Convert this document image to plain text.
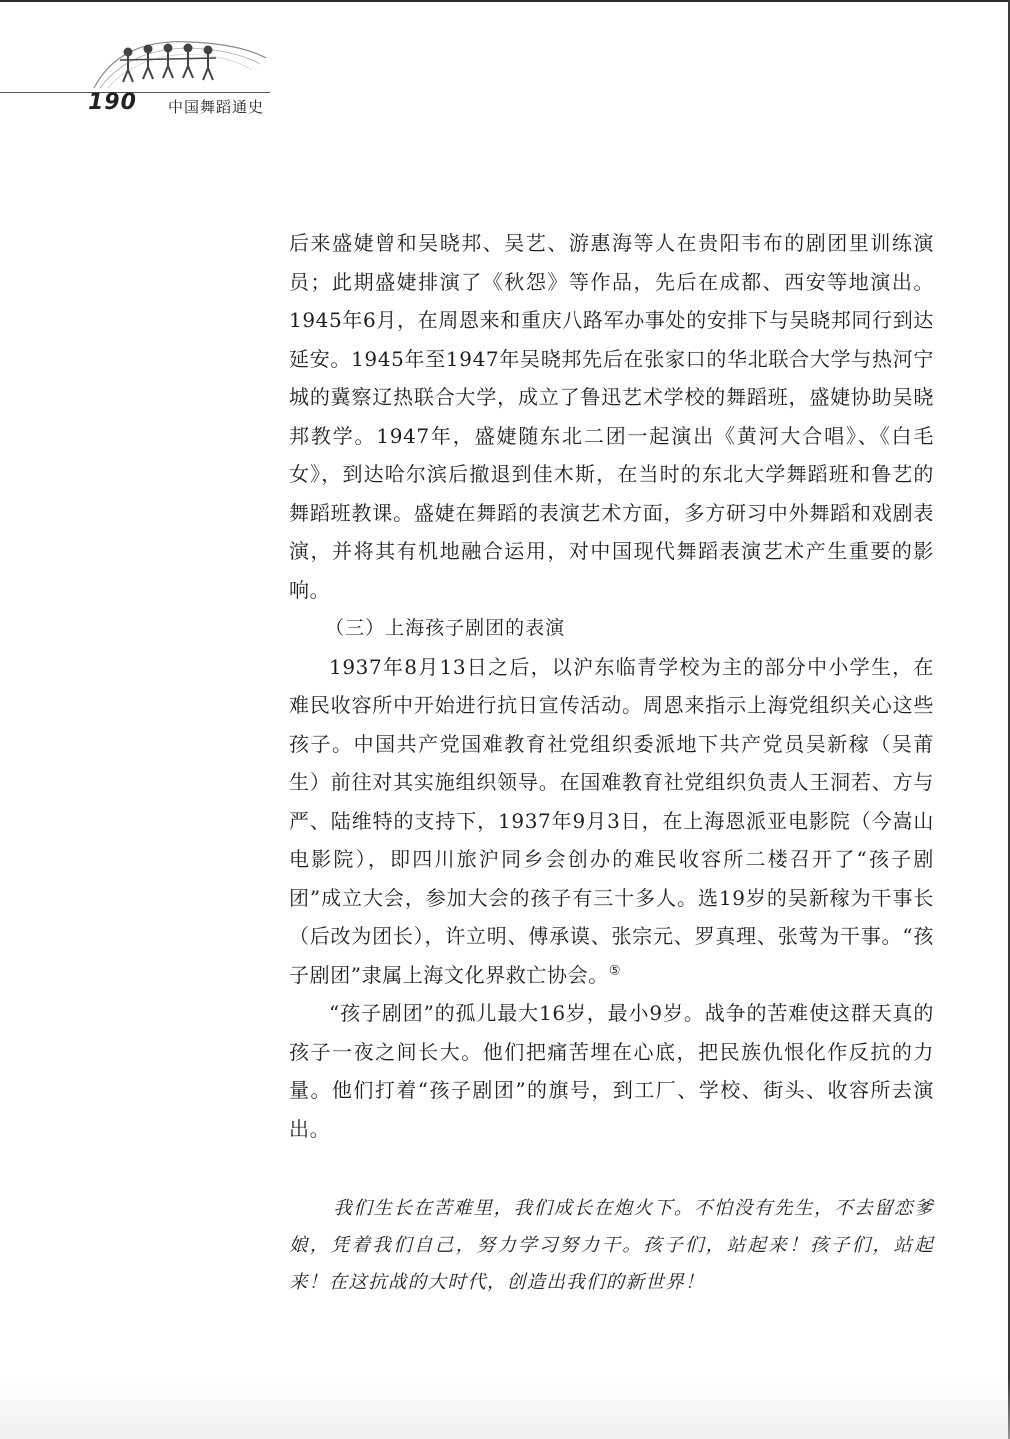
190 中国舞蹈通史

后来盛婕曾和吴晓邦、吴艺、游惠海等人在贵阳韦布的剧团里训练演员；此期盛婕排演了《秋怨》等作品，先后在成都、西安等地演出。1945年6月，在周恩来和重庆八路军办事处的安排下与吴晓邦同行到达延安。1945年至1947年吴晓邦先后在张家口的华北联合大学与热河宁城的冀察辽热联合大学，成立了鲁迅艺术学校的舞蹈班，盛婕协助吴晓邦教学。1947年，盛婕随东北二团一起演出《黄河大合唱》、《白毛女》，到达哈尔滨后撤退到佳木斯，在当时的东北大学舞蹈班和鲁艺的舞蹈班教课。盛婕在舞蹈的表演艺术方面，多方研习中外舞蹈和戏剧表演，并将其有机地融合运用，对中国现代舞蹈表演艺术产生重要的影响。

（三）上海孩子剧团的表演

1937年8月13日之后，以沪东临青学校为主的部分中小学生，在难民收容所中开始进行抗日宣传活动。周恩来指示上海党组织关心这些孩子。中国共产党国难教育社党组织委派地下共产党员吴新稼（吴莆生）前往对其实施组织领导。在国难教育社党组织负责人王洞若、方与严、陆维特的支持下，1937年9月3日，在上海恩派亚电影院（今嵩山电影院），即四川旅沪同乡会创办的难民收容所二楼召开了“孩子剧团”成立大会，参加大会的孩子有三十多人。选19岁的吴新稼为干事长（后改为团长），许立明、傅承谟、张宗元、罗真理、张莺为干事。“孩子剧团”隶属上海文化界救亡协会。⑤

“孩子剧团”的孤儿最大16岁，最小9岁。战争的苦难使这群天真的孩子一夜之间长大。他们把痛苦埋在心底，把民族仇恨化作反抗的力量。他们打着“孩子剧团”的旗号，到工厂、学校、街头、收容所去演出。

我们生长在苦难里，我们成长在炮火下。不怕没有先生，不去留恋爹娘，凭着我们自己，努力学习努力干。孩子们，站起来！孩子们，站起来！在这抗战的大时代，创造出我们的新世界！
